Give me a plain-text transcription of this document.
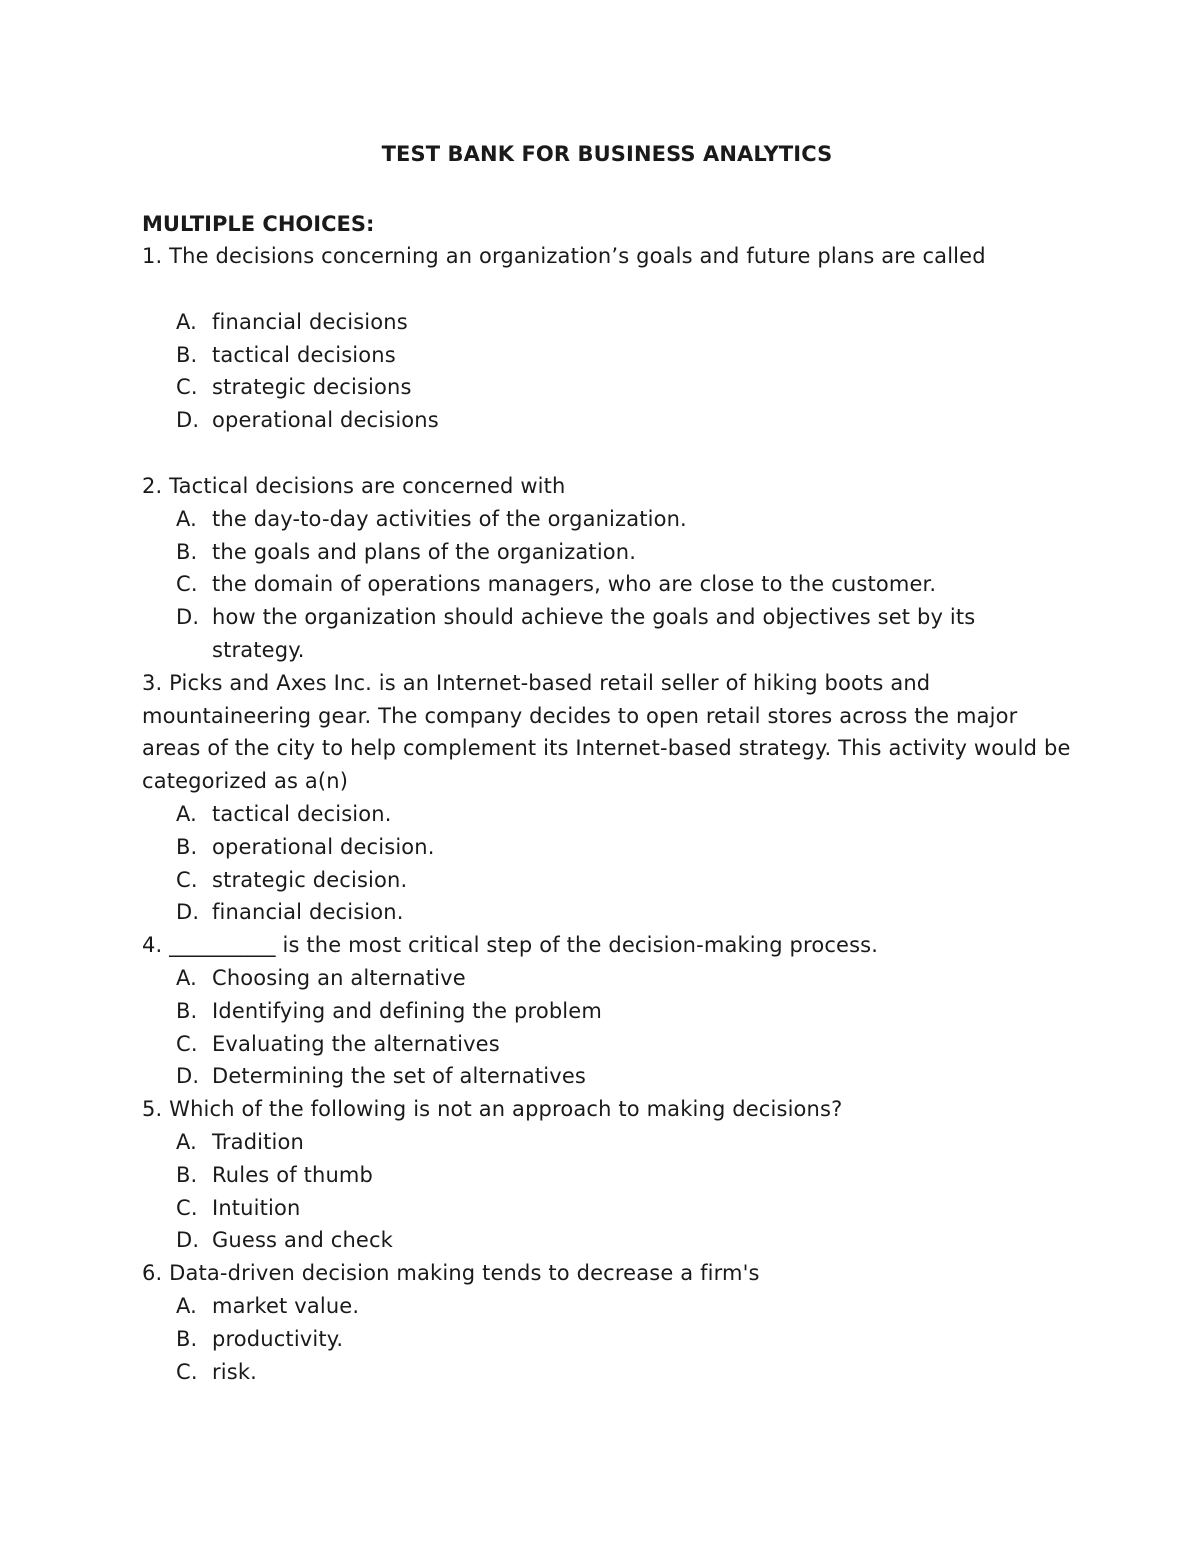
TEST BANK FOR BUSINESS ANALYTICS
MULTIPLE CHOICES:

1. The decisions concerning an organization’s goals and future plans are called

A. financial decisions
B. tactical decisions
C. strategic decisions
D. operational decisions

2. Tactical decisions are concerned with

A. the day-to-day activities of the organization.
B. the goals and plans of the organization.
C. the domain of operations managers, who are close to the customer.
D. how the organization should achieve the goals and objectives set by its strategy.

3. Picks and Axes Inc. is an Internet-based retail seller of hiking boots and mountaineering gear. The company decides to open retail stores across the major areas of the city to help complement its Internet-based strategy. This activity would be categorized as a(n)

A. tactical decision.
B. operational decision.
C. strategic decision.
D. financial decision.

4. __________ is the most critical step of the decision-making process.

A. Choosing an alternative
B. Identifying and defining the problem
C. Evaluating the alternatives
D. Determining the set of alternatives

5. Which of the following is not an approach to making decisions?

A. Tradition
B. Rules of thumb
C. Intuition
D. Guess and check

6. Data-driven decision making tends to decrease a firm's

A. market value.
B. productivity.
C. risk.
